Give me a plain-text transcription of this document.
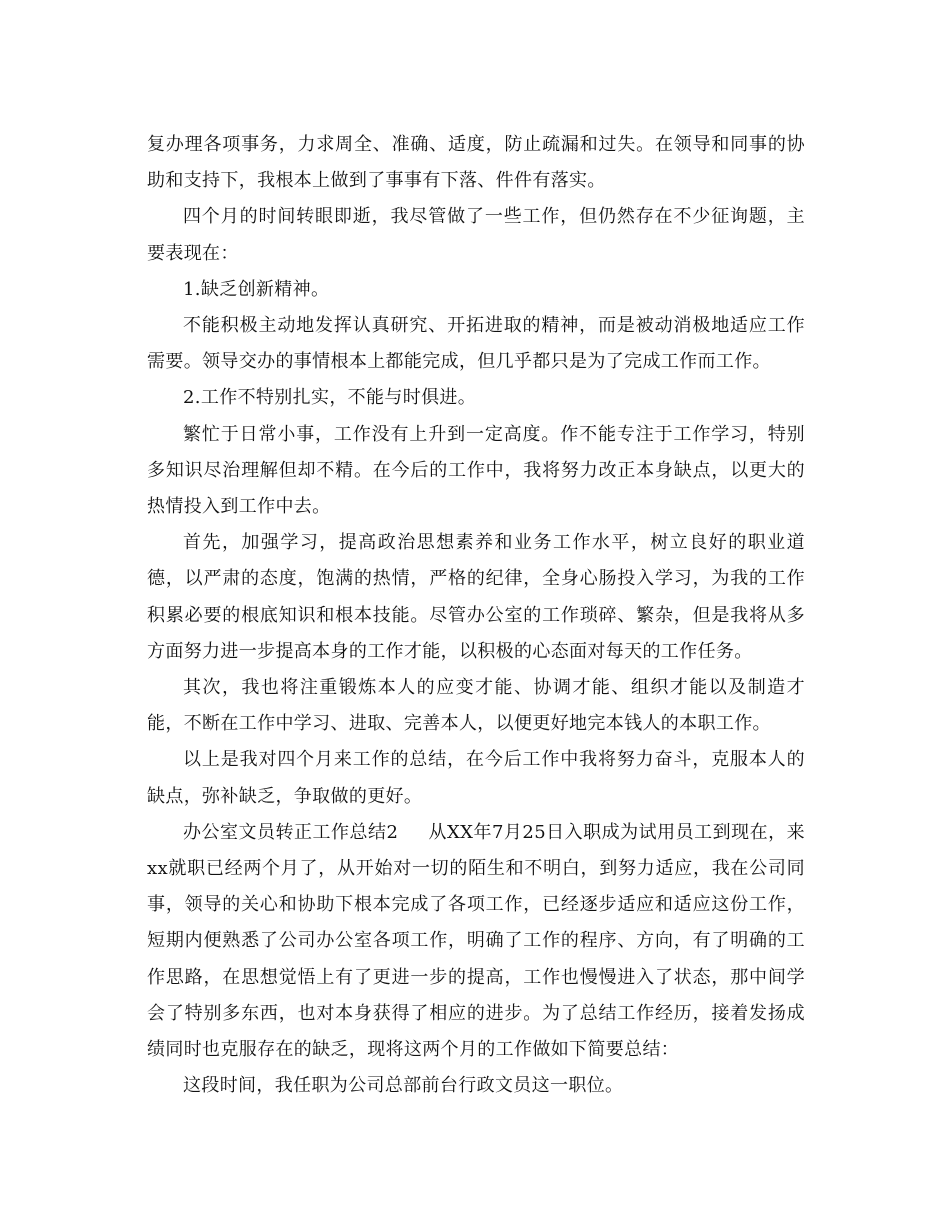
复办理各项事务，力求周全、准确、适度，防止疏漏和过失。在领导和同事的协助和支持下，我根本上做到了事事有下落、件件有落实。

四个月的时间转眼即逝，我尽管做了一些工作，但仍然存在不少征询题，主要表现在：

1.缺乏创新精神。

不能积极主动地发挥认真研究、开拓进取的精神，而是被动消极地适应工作需要。领导交办的事情根本上都能完成，但几乎都只是为了完成工作而工作。

2.工作不特别扎实，不能与时俱进。

繁忙于日常小事，工作没有上升到一定高度。作不能专注于工作学习，特别多知识尽治理解但却不精。在今后的工作中，我将努力改正本身缺点，以更大的热情投入到工作中去。

首先，加强学习，提高政治思想素养和业务工作水平，树立良好的职业道德，以严肃的态度，饱满的热情，严格的纪律，全身心肠投入学习，为我的工作积累必要的根底知识和根本技能。尽管办公室的工作琐碎、繁杂，但是我将从多方面努力进一步提高本身的工作才能，以积极的心态面对每天的工作任务。

其次，我也将注重锻炼本人的应变才能、协调才能、组织才能以及制造才能，不断在工作中学习、进取、完善本人，以便更好地完本钱人的本职工作。

以上是我对四个月来工作的总结，在今后工作中我将努力奋斗，克服本人的缺点，弥补缺乏，争取做的更好。

办公室文员转正工作总结2 从XX年7月25日入职成为试用员工到现在，来xx就职已经两个月了，从开始对一切的陌生和不明白，到努力适应，我在公司同事，领导的关心和协助下根本完成了各项工作，已经逐步适应和适应这份工作，短期内便熟悉了公司办公室各项工作，明确了工作的程序、方向，有了明确的工作思路，在思想觉悟上有了更进一步的提高，工作也慢慢进入了状态，那中间学会了特别多东西，也对本身获得了相应的进步。为了总结工作经历，接着发扬成绩同时也克服存在的缺乏，现将这两个月的工作做如下简要总结：

这段时间，我任职为公司总部前台行政文员这一职位。
